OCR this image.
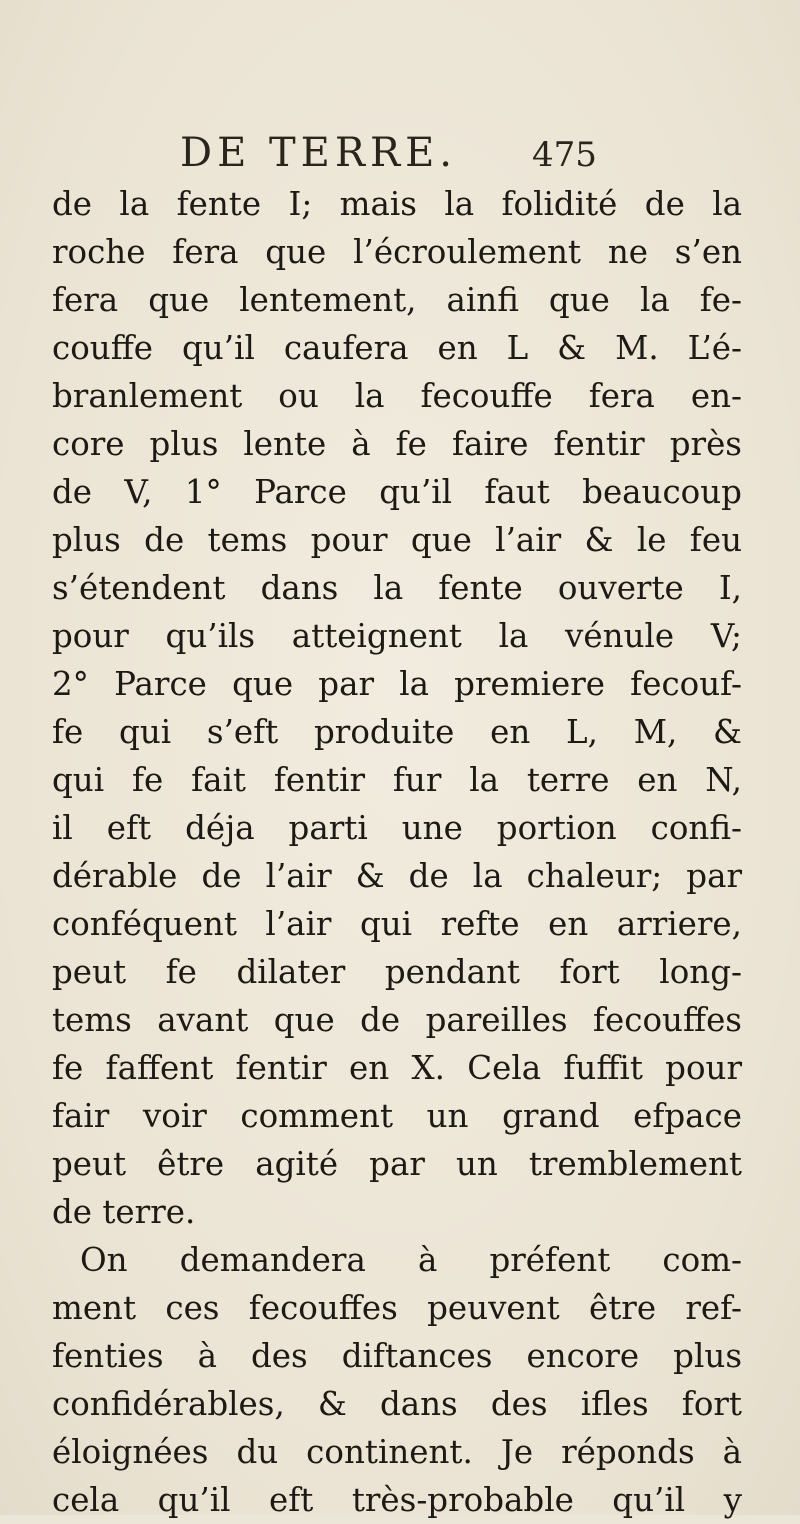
DE TERRE. 475
de la fente I; mais la folidité de la
roche fera que l’écroulement ne s’en
fera que lentement, ainfi que la fe-
couffe qu’il caufera en L & M. L’é-
branlement ou la fecouffe fera en-
core plus lente à fe faire fentir près
de V, 1° Parce qu’il faut beaucoup
plus de tems pour que l’air & le feu
s’étendent dans la fente ouverte I,
pour qu’ils atteignent la vénule V;
2° Parce que par la premiere fecouf-
fe qui s’eft produite en L, M, &
qui fe fait fentir fur la terre en N,
il eft déja parti une portion confi-
dérable de l’air & de la chaleur; par
conféquent l’air qui refte en arriere,
peut fe dilater pendant fort long-
tems avant que de pareilles fecouffes
fe faffent fentir en X. Cela fuffit pour
fair voir comment un grand efpace
peut être agité par un tremblement
de terre.
On demandera à préfent com-
ment ces fecouffes peuvent être ref-
fenties à des diftances encore plus
confidérables, & dans des ifles fort
éloignées du continent. Je réponds à
cela qu’il eft très-probable qu’il y
